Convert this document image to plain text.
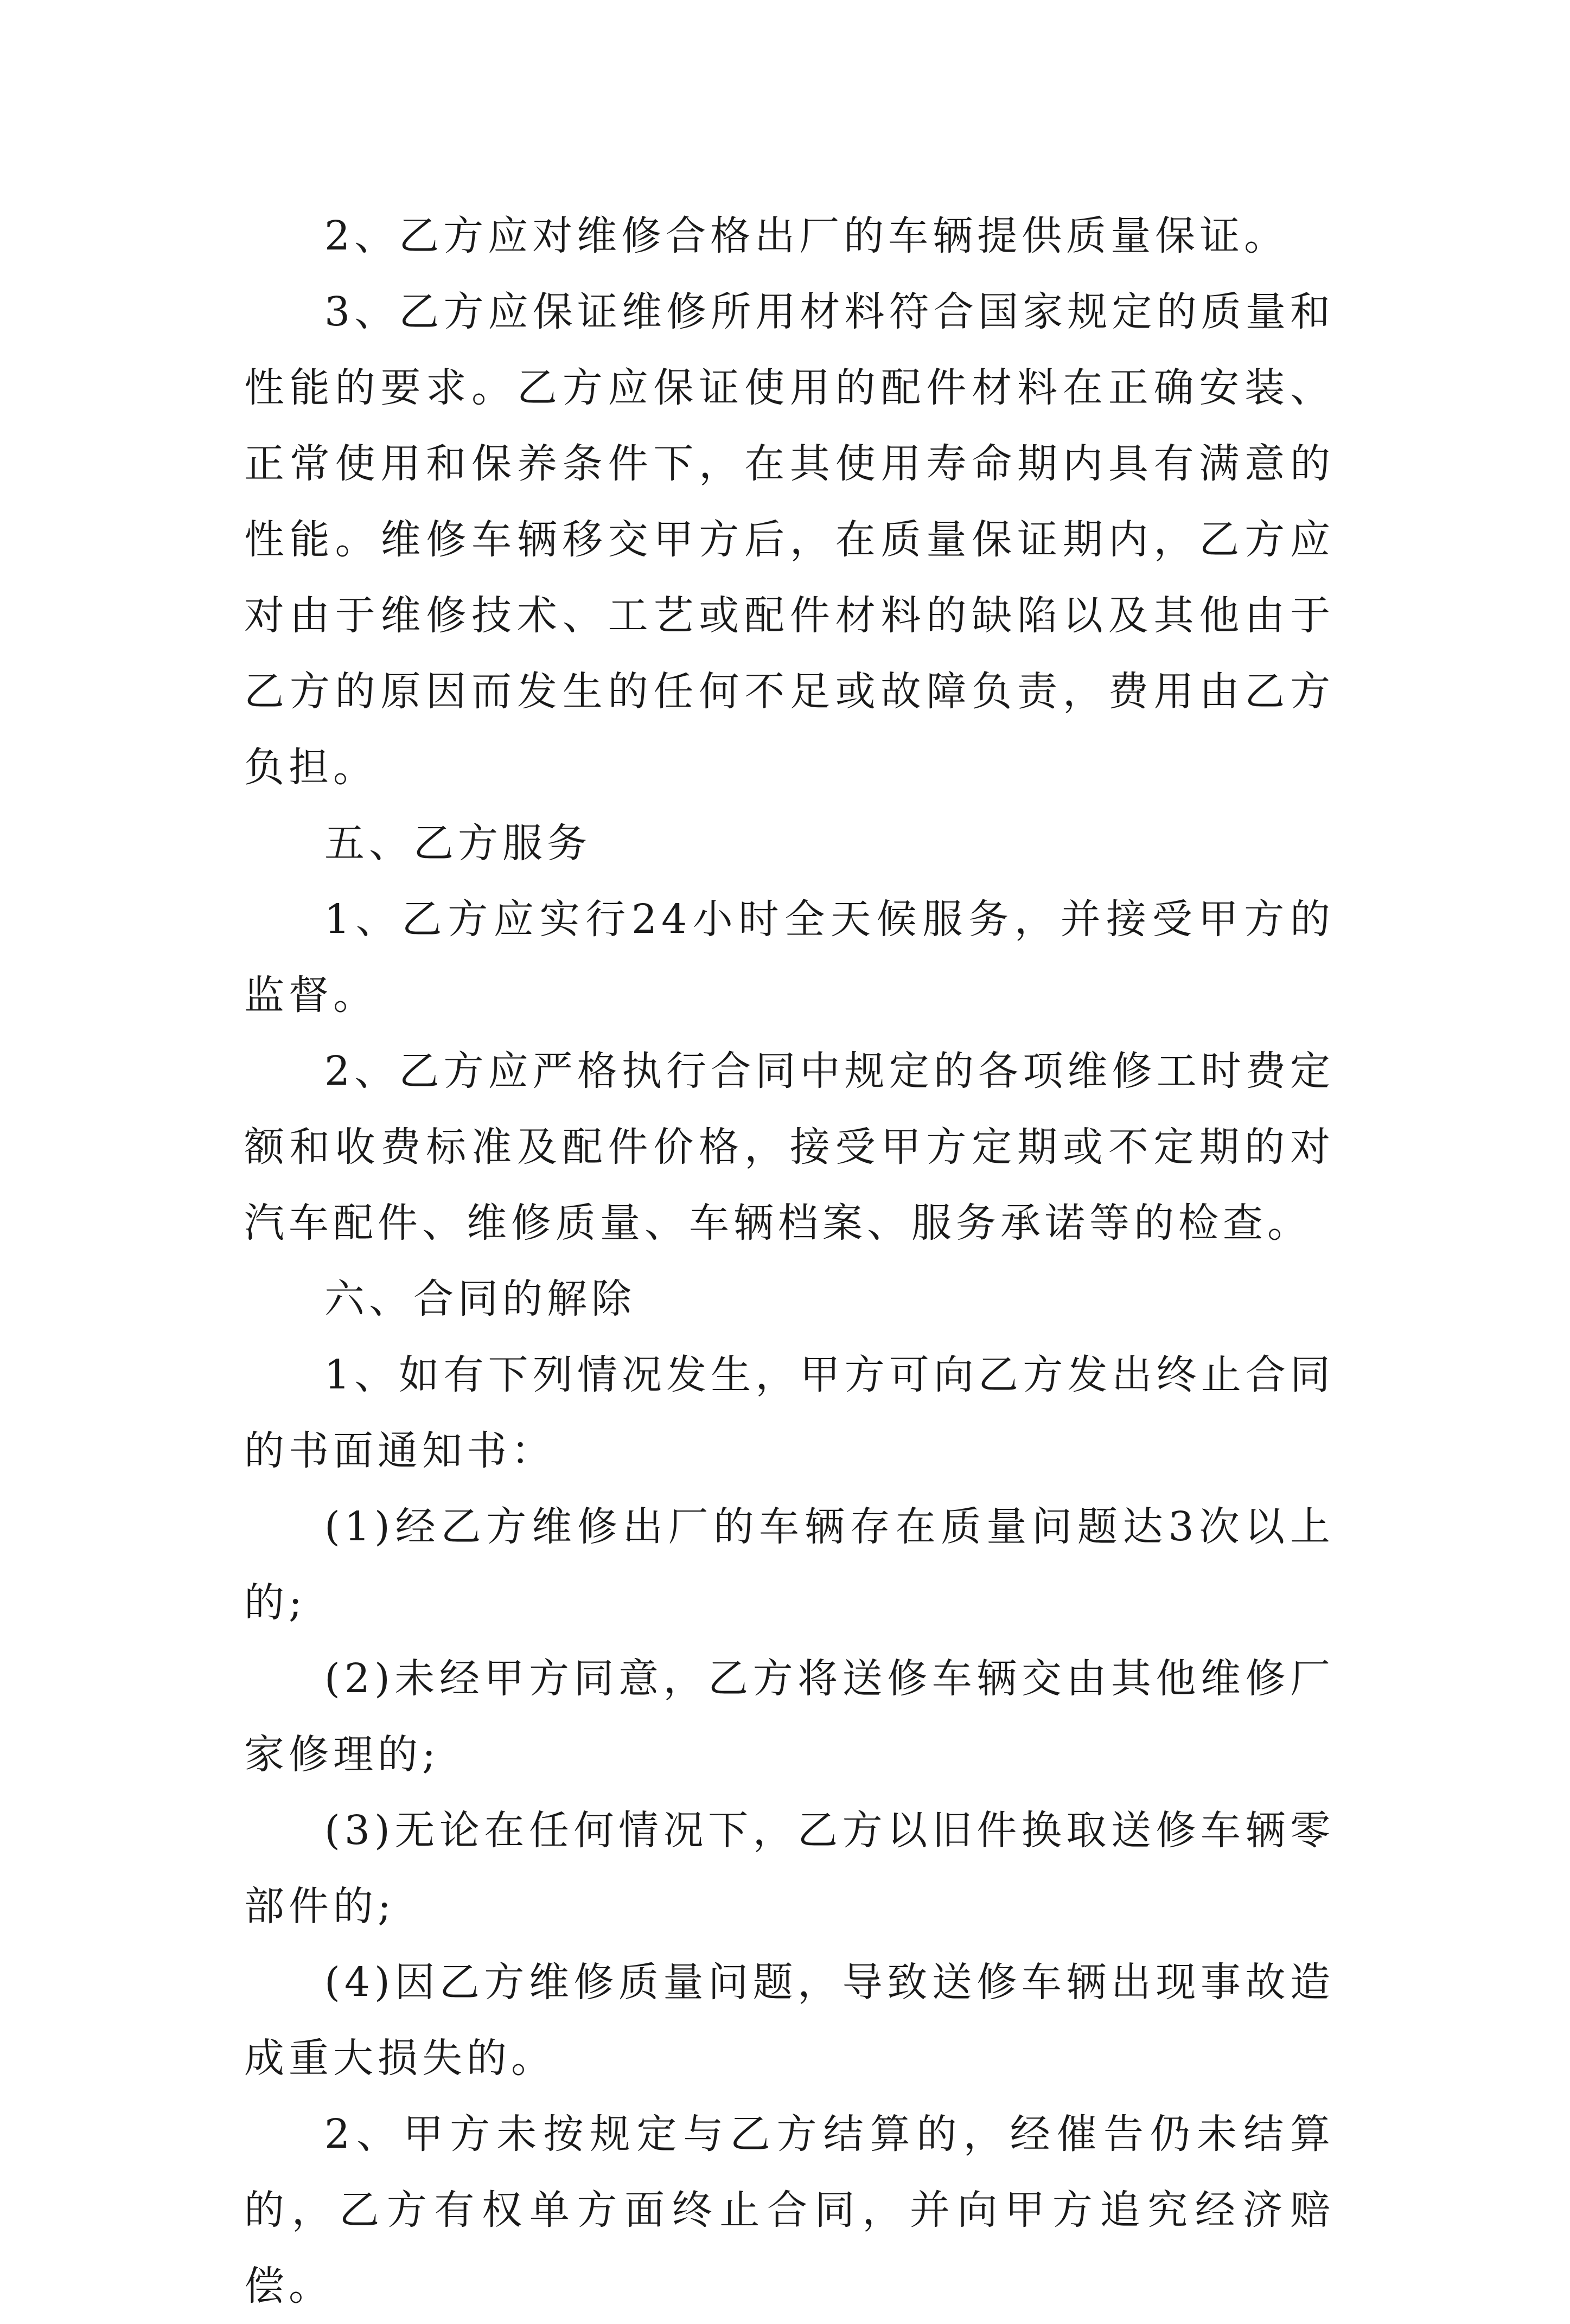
2、乙方应对维修合格出厂的车辆提供质量保证。

3、乙方应保证维修所用材料符合国家规定的质量和性能的要求。乙方应保证使用的配件材料在正确安装、正常使用和保养条件下，在其使用寿命期内具有满意的性能。维修车辆移交甲方后，在质量保证期内，乙方应对由于维修技术、工艺或配件材料的缺陷以及其他由于乙方的原因而发生的任何不足或故障负责，费用由乙方负担。

五、乙方服务

1、乙方应实行24小时全天候服务，并接受甲方的监督。

2、乙方应严格执行合同中规定的各项维修工时费定额和收费标准及配件价格，接受甲方定期或不定期的对汽车配件、维修质量、车辆档案、服务承诺等的检查。

六、合同的解除

1、如有下列情况发生，甲方可向乙方发出终止合同的书面通知书：

(1)经乙方维修出厂的车辆存在质量问题达3次以上的;

(2)未经甲方同意，乙方将送修车辆交由其他维修厂家修理的;

(3)无论在任何情况下，乙方以旧件换取送修车辆零部件的;

(4)因乙方维修质量问题，导致送修车辆出现事故造成重大损失的。

2、甲方未按规定与乙方结算的，经催告仍未结算的，乙方有权单方面终止合同，并向甲方追究经济赔偿。
